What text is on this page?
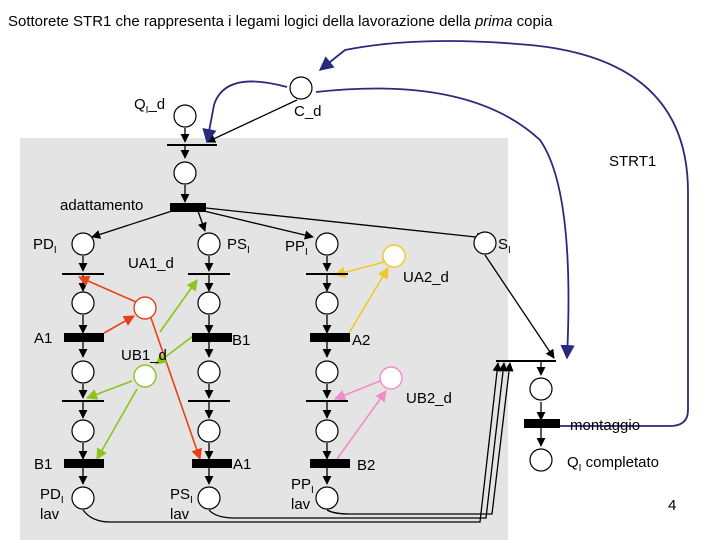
Sottorete STR1 che rappresenta i legami logici della lavorazione della prima copia
$Q_I\_d$	C_d
STRT1
adattamento
$PD_I$	$PS_I$ $PP_I$	$S_I$
UA1_d
UA2_d
A1	B1	A2
UB1_d
UB2_d
montaggio
B1	A1	B2	$Q_I$ completato
$PD_I$ lav
$PS_I$ lav
$PP_I$ lav	4
